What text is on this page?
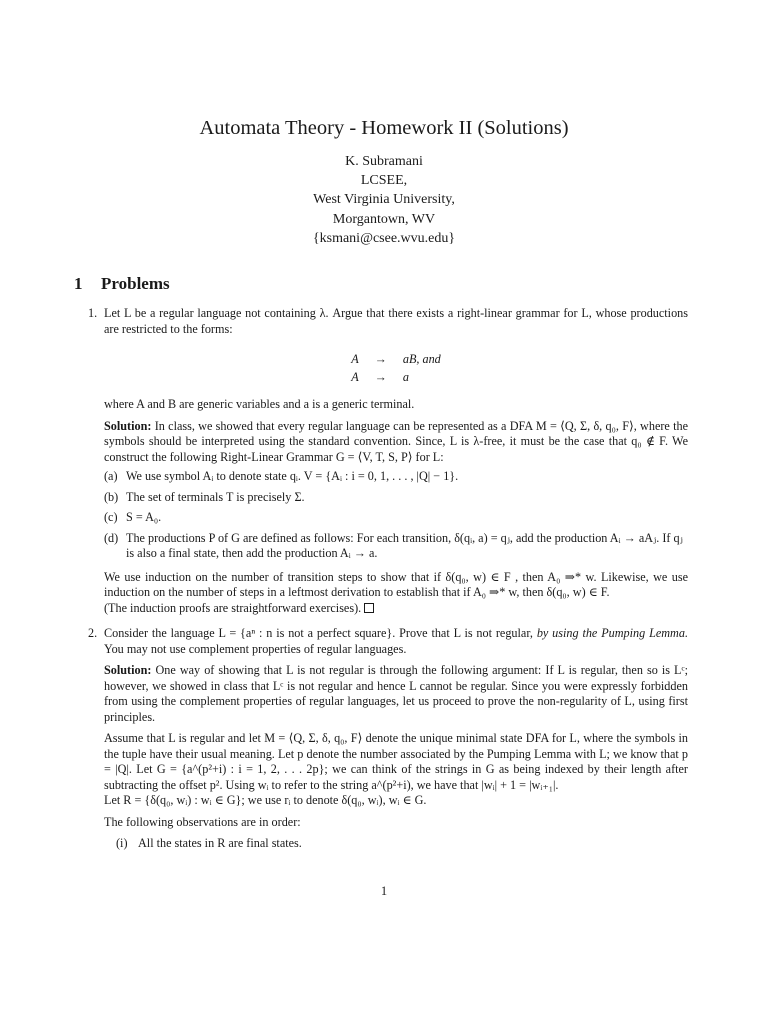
Automata Theory - Homework II (Solutions)
K. Subramani
LCSEE,
West Virginia University,
Morgantown, WV
{ksmani@csee.wvu.edu}
1 Problems
1. Let L be a regular language not containing λ. Argue that there exists a right-linear grammar for L, whose productions are restricted to the forms:

A → aB, and
A → a

where A and B are generic variables and a is a generic terminal.

Solution: In class, we showed that every regular language can be represented as a DFA M = ⟨Q, Σ, δ, q₀, F⟩, where the symbols should be interpreted using the standard convention. Since, L is λ-free, it must be the case that q₀ ∉ F. We construct the following Right-Linear Grammar G = ⟨V, T, S, P⟩ for L:

(a) We use symbol Aᵢ to denote state qᵢ. V = {Aᵢ : i = 0, 1, . . . , |Q| − 1}.
(b) The set of terminals T is precisely Σ.
(c) S = A₀.
(d) The productions P of G are defined as follows: For each transition, δ(qᵢ, a) = qⱼ, add the production Aᵢ → aAⱼ. If qⱼ is also a final state, then add the production Aᵢ → a.

We use induction on the number of transition steps to show that if δ(q₀, w) ∈ F , then A₀ ⇒* w. Likewise, we use induction on the number of steps in a leftmost derivation to establish that if A₀ ⇒* w, then δ(q₀, w) ∈ F.

(The induction proofs are straightforward exercises).

2. Consider the language L = {aⁿ : n is not a perfect square}. Prove that L is not regular, by using the Pumping Lemma. You may not use complement properties of regular languages.

Solution: One way of showing that L is not regular is through the following argument: If L is regular, then so is Lᶜ; however, we showed in class that Lᶜ is not regular and hence L cannot be regular. Since you were expressly forbidden from using the complement properties of regular languages, let us proceed to prove the non-regularity of L, using first principles.

Assume that L is regular and let M = ⟨Q, Σ, δ, q₀, F⟩ denote the unique minimal state DFA for L, where the symbols in the tuple have their usual meaning. Let p denote the number associated by the Pumping Lemma with L; we know that p = |Q|. Let G = {a^(p²+i) : i = 1, 2, . . . 2p}; we can think of the strings in G as being indexed by their length after subtracting the offset p². Using wᵢ to refer to the string a^(p²+i), we have that |wᵢ| + 1 = |wᵢ₊₁|.

Let R = {δ(q₀, wᵢ) : wᵢ ∈ G}; we use rᵢ to denote δ(q₀, wᵢ), wᵢ ∈ G.

The following observations are in order:

(i) All the states in R are final states.
1
